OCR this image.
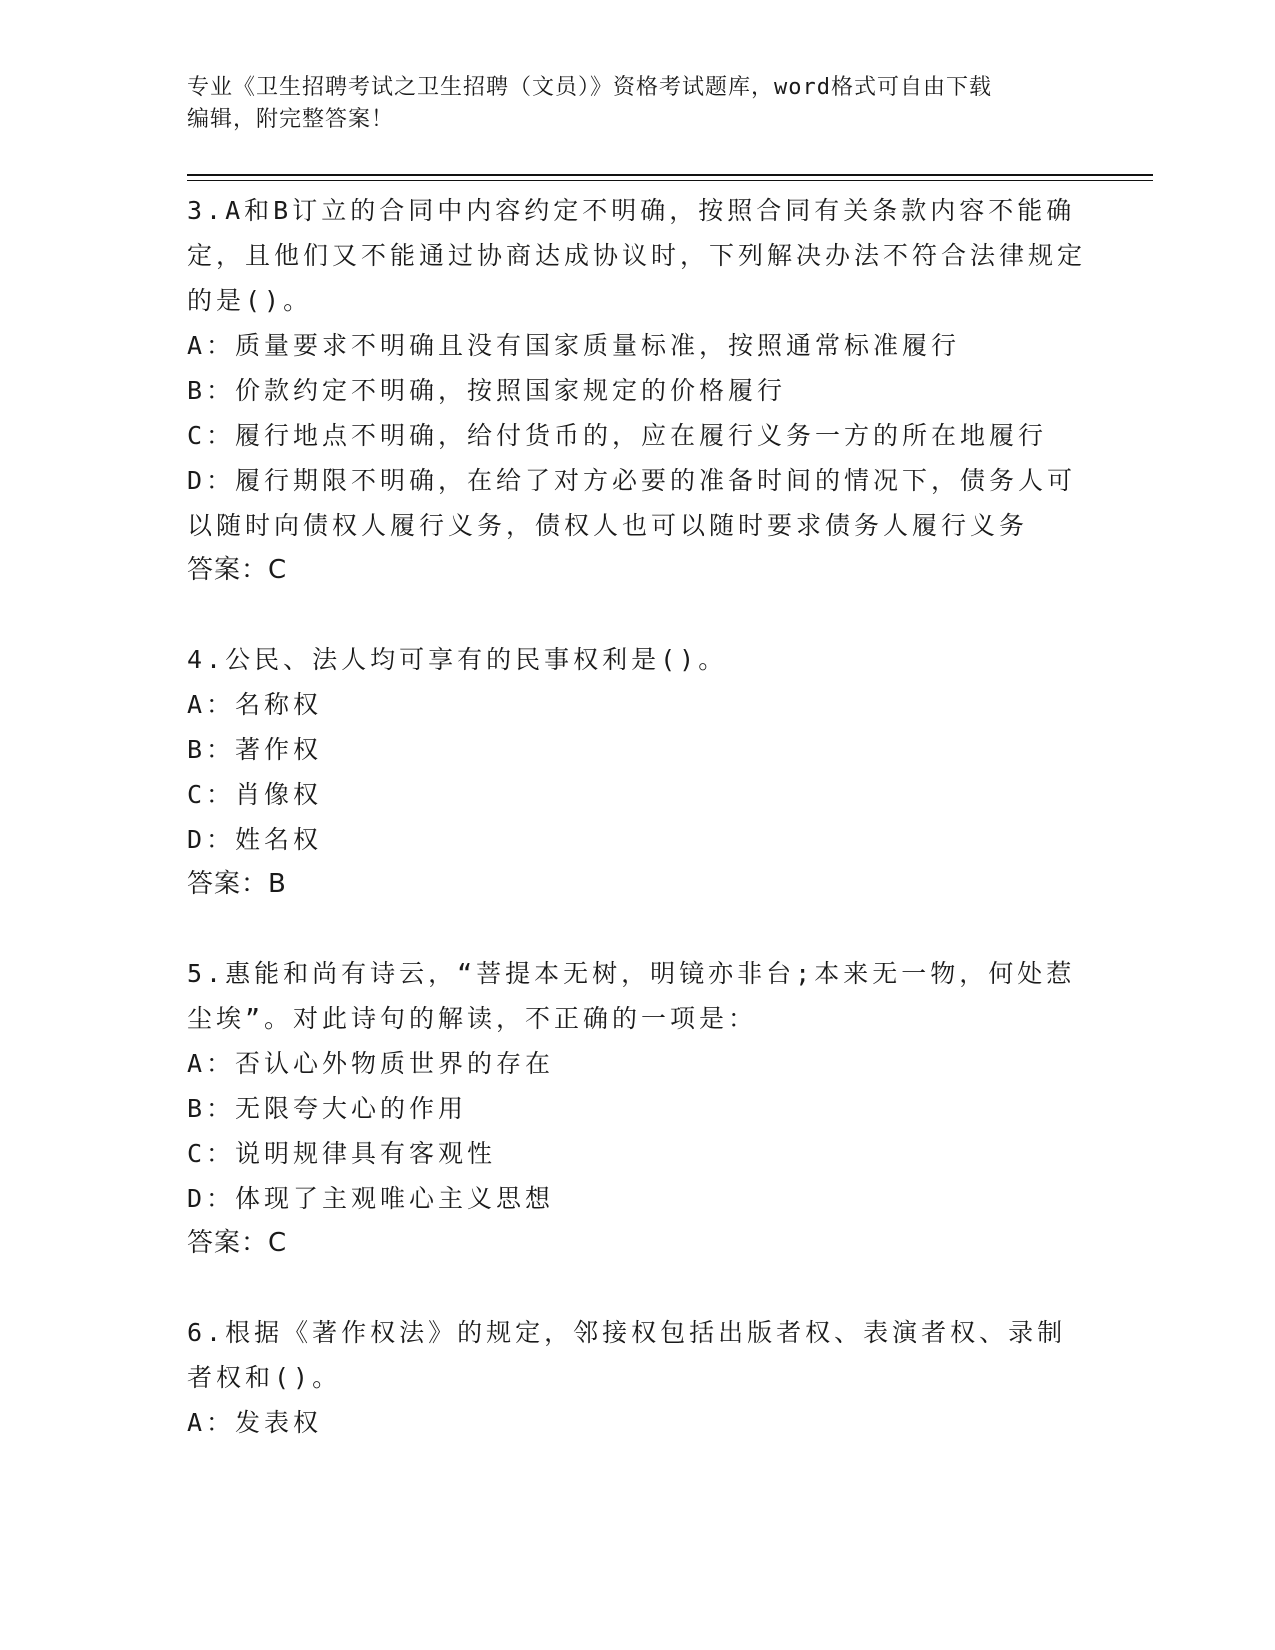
专业《卫生招聘考试之卫生招聘（文员）》资格考试题库，word格式可自由下载
编辑，附完整答案！
3.A和B订立的合同中内容约定不明确，按照合同有关条款内容不能确定，且他们又不能通过协商达成协议时，下列解决办法不符合法律规定的是()。
A：质量要求不明确且没有国家质量标准，按照通常标准履行
B：价款约定不明确，按照国家规定的价格履行
C：履行地点不明确，给付货币的，应在履行义务一方的所在地履行
D：履行期限不明确，在给了对方必要的准备时间的情况下，债务人可以随时向债权人履行义务，债权人也可以随时要求债务人履行义务
答案：C
4.公民、法人均可享有的民事权利是()。
A：名称权
B：著作权
C：肖像权
D：姓名权
答案：B
5.惠能和尚有诗云，“菩提本无树，明镜亦非台;本来无一物，何处惹尘埃”。对此诗句的解读，不正确的一项是：
A：否认心外物质世界的存在
B：无限夸大心的作用
C：说明规律具有客观性
D：体现了主观唯心主义思想
答案：C
6.根据《著作权法》的规定，邻接权包括出版者权、表演者权、录制者权和()。
A：发表权
